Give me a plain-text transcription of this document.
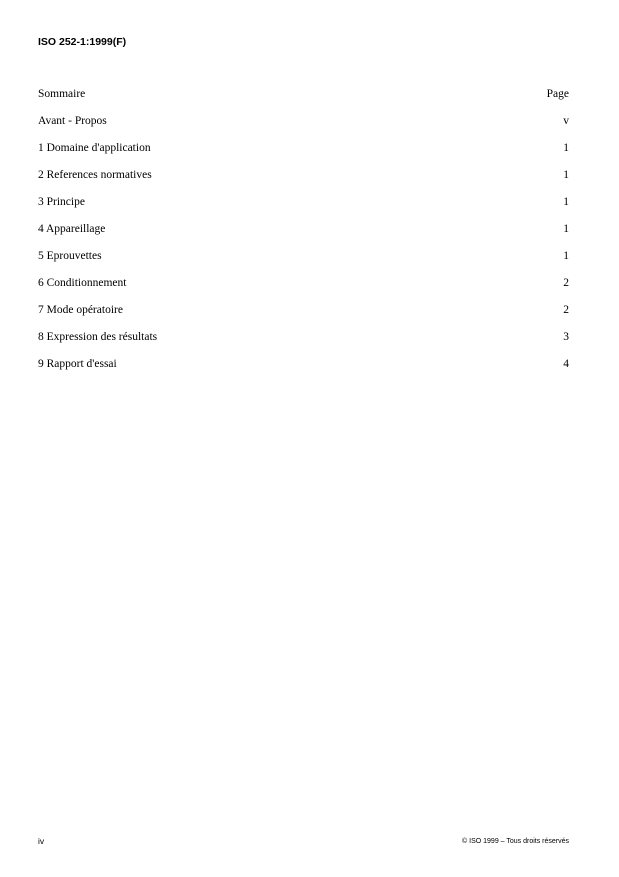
ISO 252-1:1999(F)
Sommaire	Page
Avant - Propos	v
1 Domaine d'application	1
2 References normatives	1
3 Principe	1
4 Appareillage	1
5 Eprouvettes	1
6 Conditionnement	2
7 Mode opératoire	2
8 Expression des résultats	3
9 Rapport d'essai	4
iv	© ISO 1999 – Tous droits réservés
